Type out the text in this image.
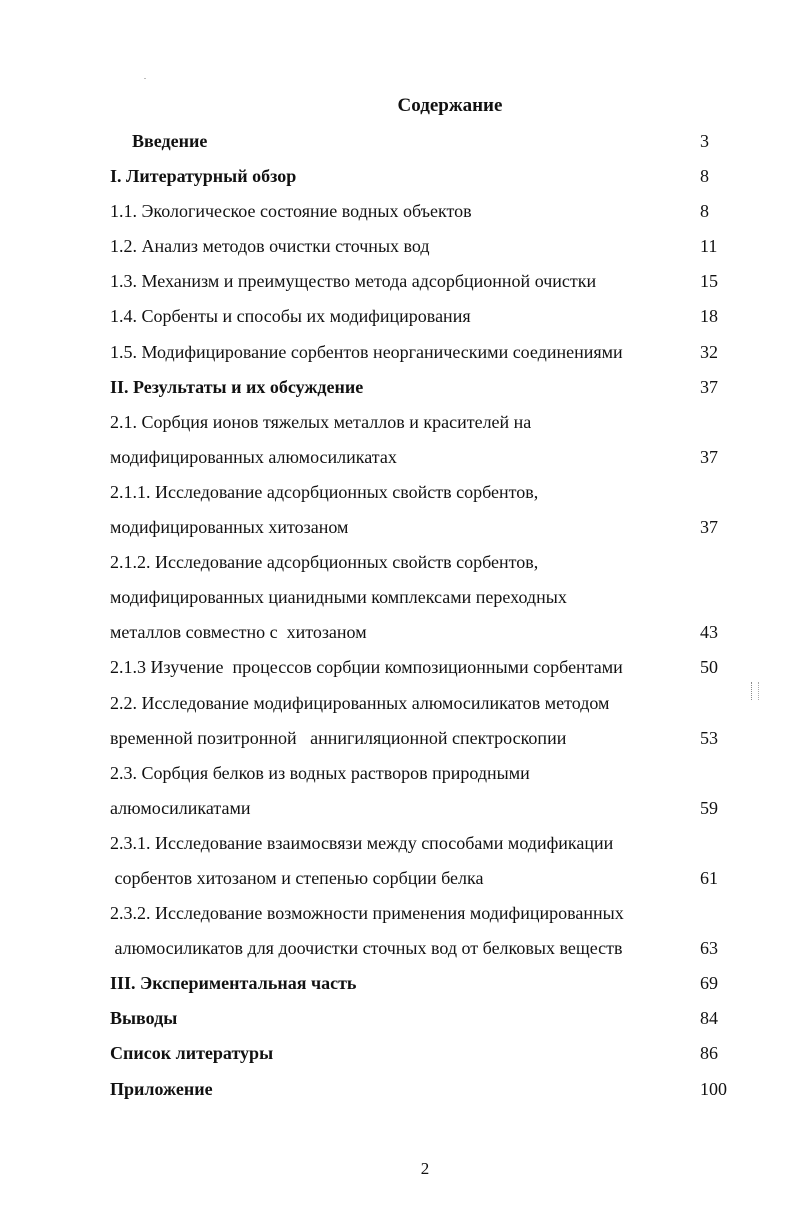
Содержание
Введение	3
I. Литературный обзор	8
1.1. Экологическое состояние водных объектов	8
1.2. Анализ методов очистки сточных вод	11
1.3. Механизм и преимущество метода адсорбционной очистки	15
1.4. Сорбенты и способы их модифицирования	18
1.5. Модифицирование сорбентов неорганическими соединениями	32
II. Результаты и их обсуждение	37
2.1. Сорбция ионов тяжелых металлов и красителей на
модифицированных алюмосиликатах	37
2.1.1. Исследование адсорбционных свойств сорбентов,
модифицированных хитозаном	37
2.1.2. Исследование адсорбционных свойств сорбентов,
модифицированных цианидными комплексами переходных
металлов совместно с  хитозаном	43
2.1.3 Изучение  процессов сорбции композиционными сорбентами	50
2.2. Исследование модифицированных алюмосиликатов методом
временной позитронной   аннигиляционной спектроскопии	53
2.3. Сорбция белков из водных растворов природными
алюмосиликатами	59
2.3.1. Исследование взаимосвязи между способами модификации
сорбентов хитозаном и степенью сорбции белка	61
2.3.2. Исследование возможности применения модифицированных
алюмосиликатов для доочистки сточных вод от белковых веществ	63
III. Экспериментальная часть	69
Выводы	84
Список литературы	86
Приложение	100
2
